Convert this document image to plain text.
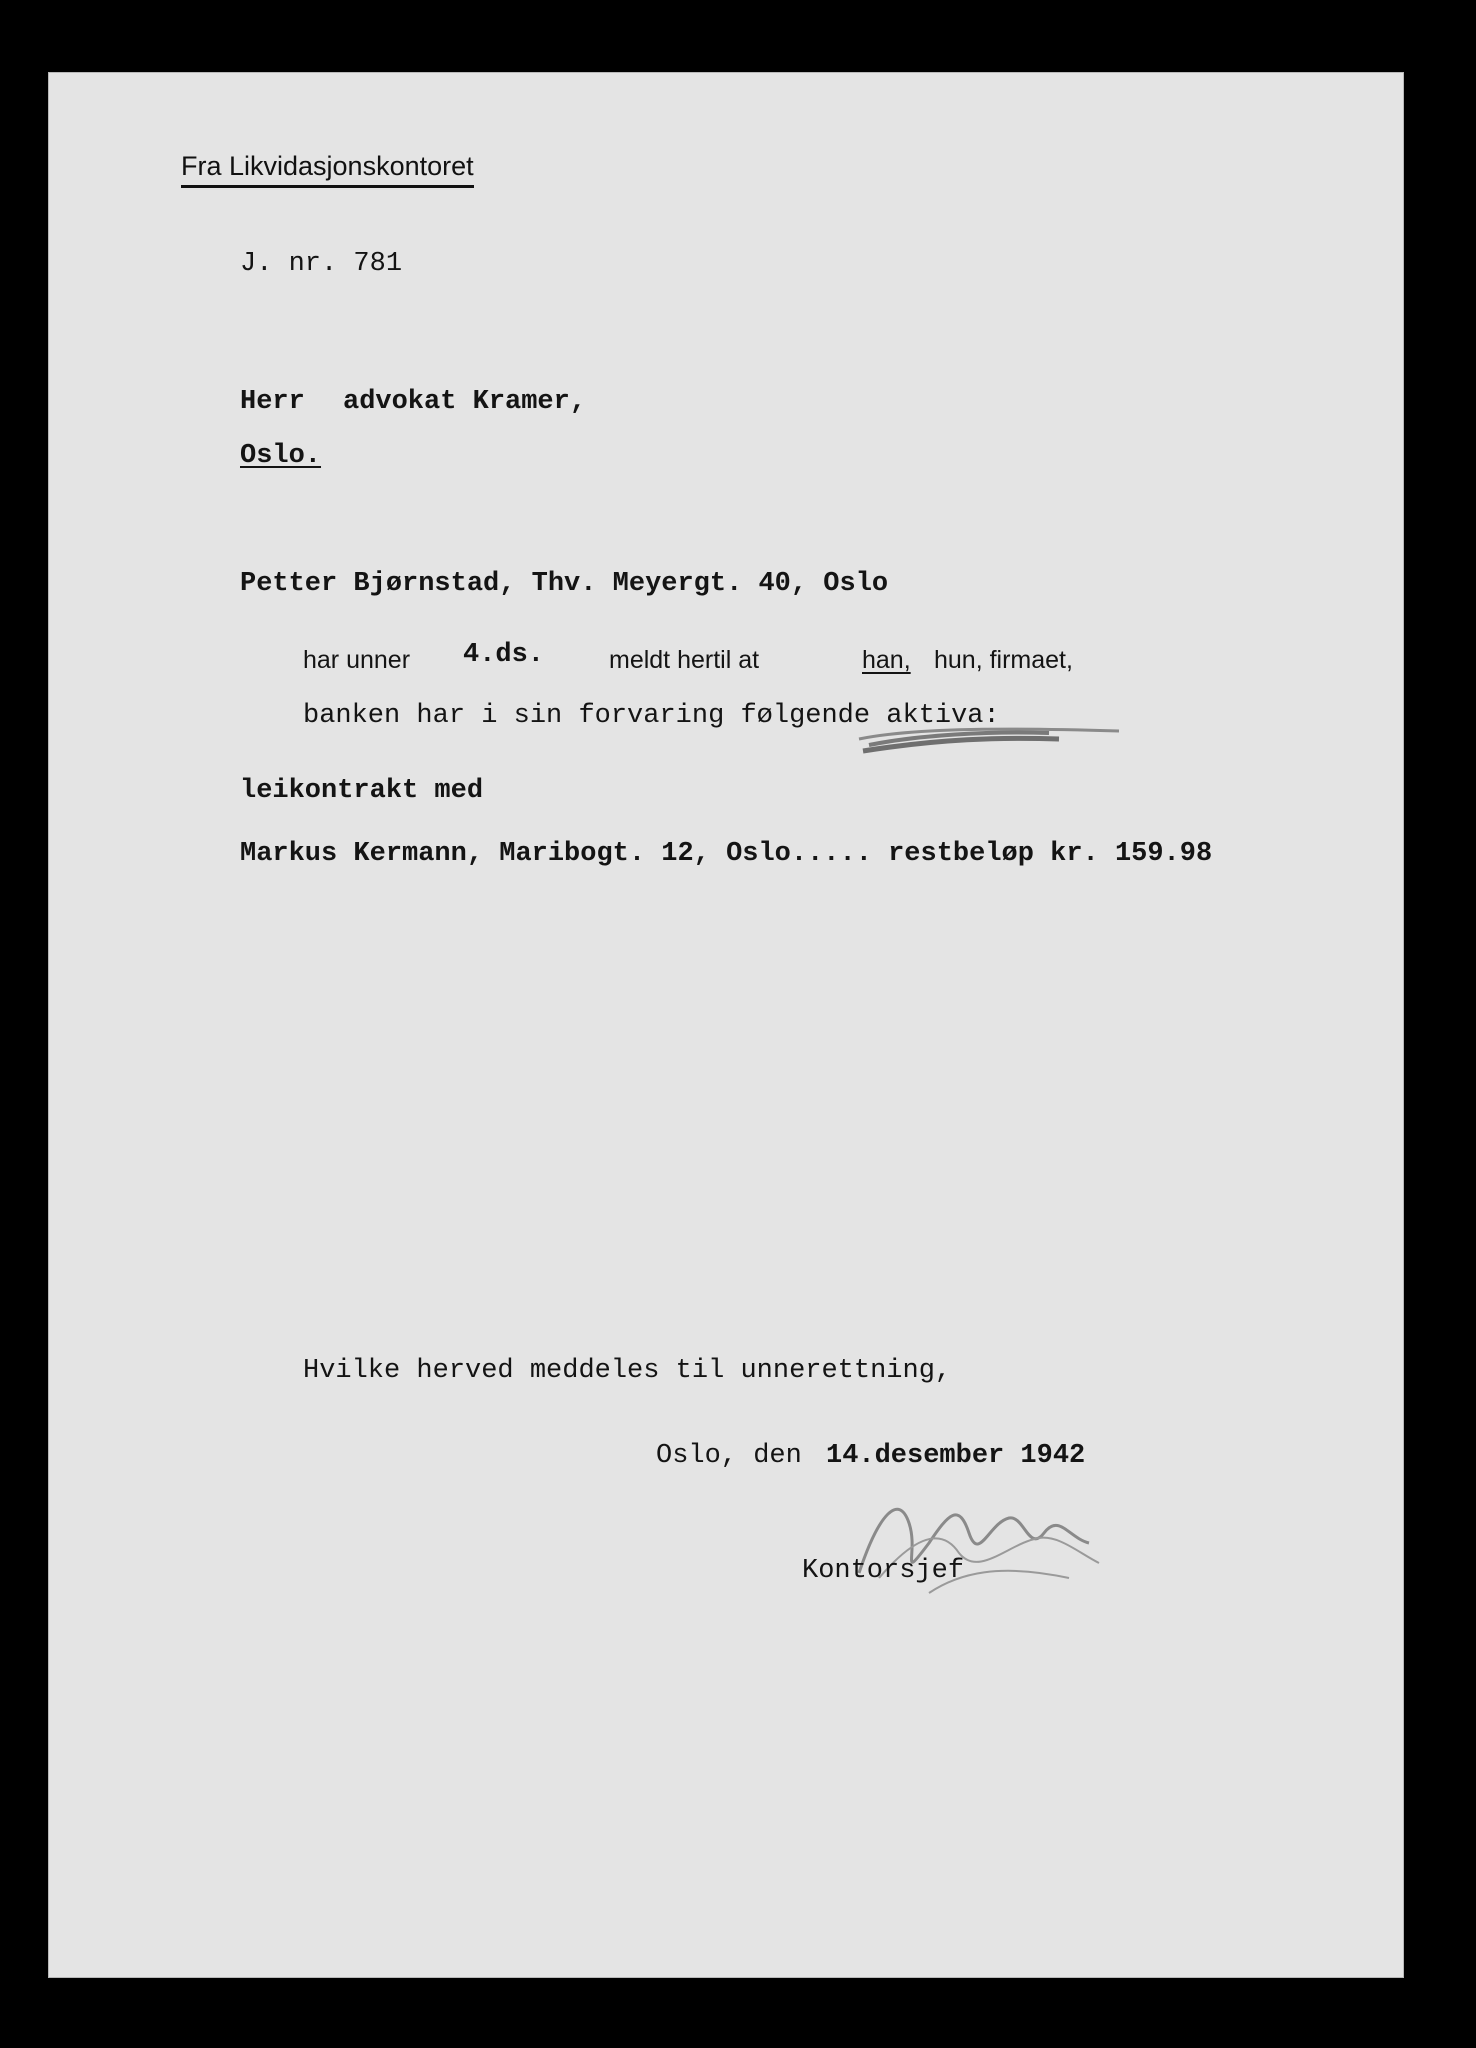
Fra Likvidasjonskontoret
J. nr. 781
Herr advokat Kramer,
Oslo.
Petter Bjørnstad, Thv. Meyergt. 40, Oslo
har unner 4.ds.	meldt hertil at	han, hun, firmaet,
banken har i sin forvaring følgende aktiva:
leikontrakt med
Markus Kermann, Maribogt. 12, Oslo..... restbeløp kr. 159.98
Hvilke herved meddeles til unnerettning,
Oslo, den 14.desember 1942
Kontorsjef
